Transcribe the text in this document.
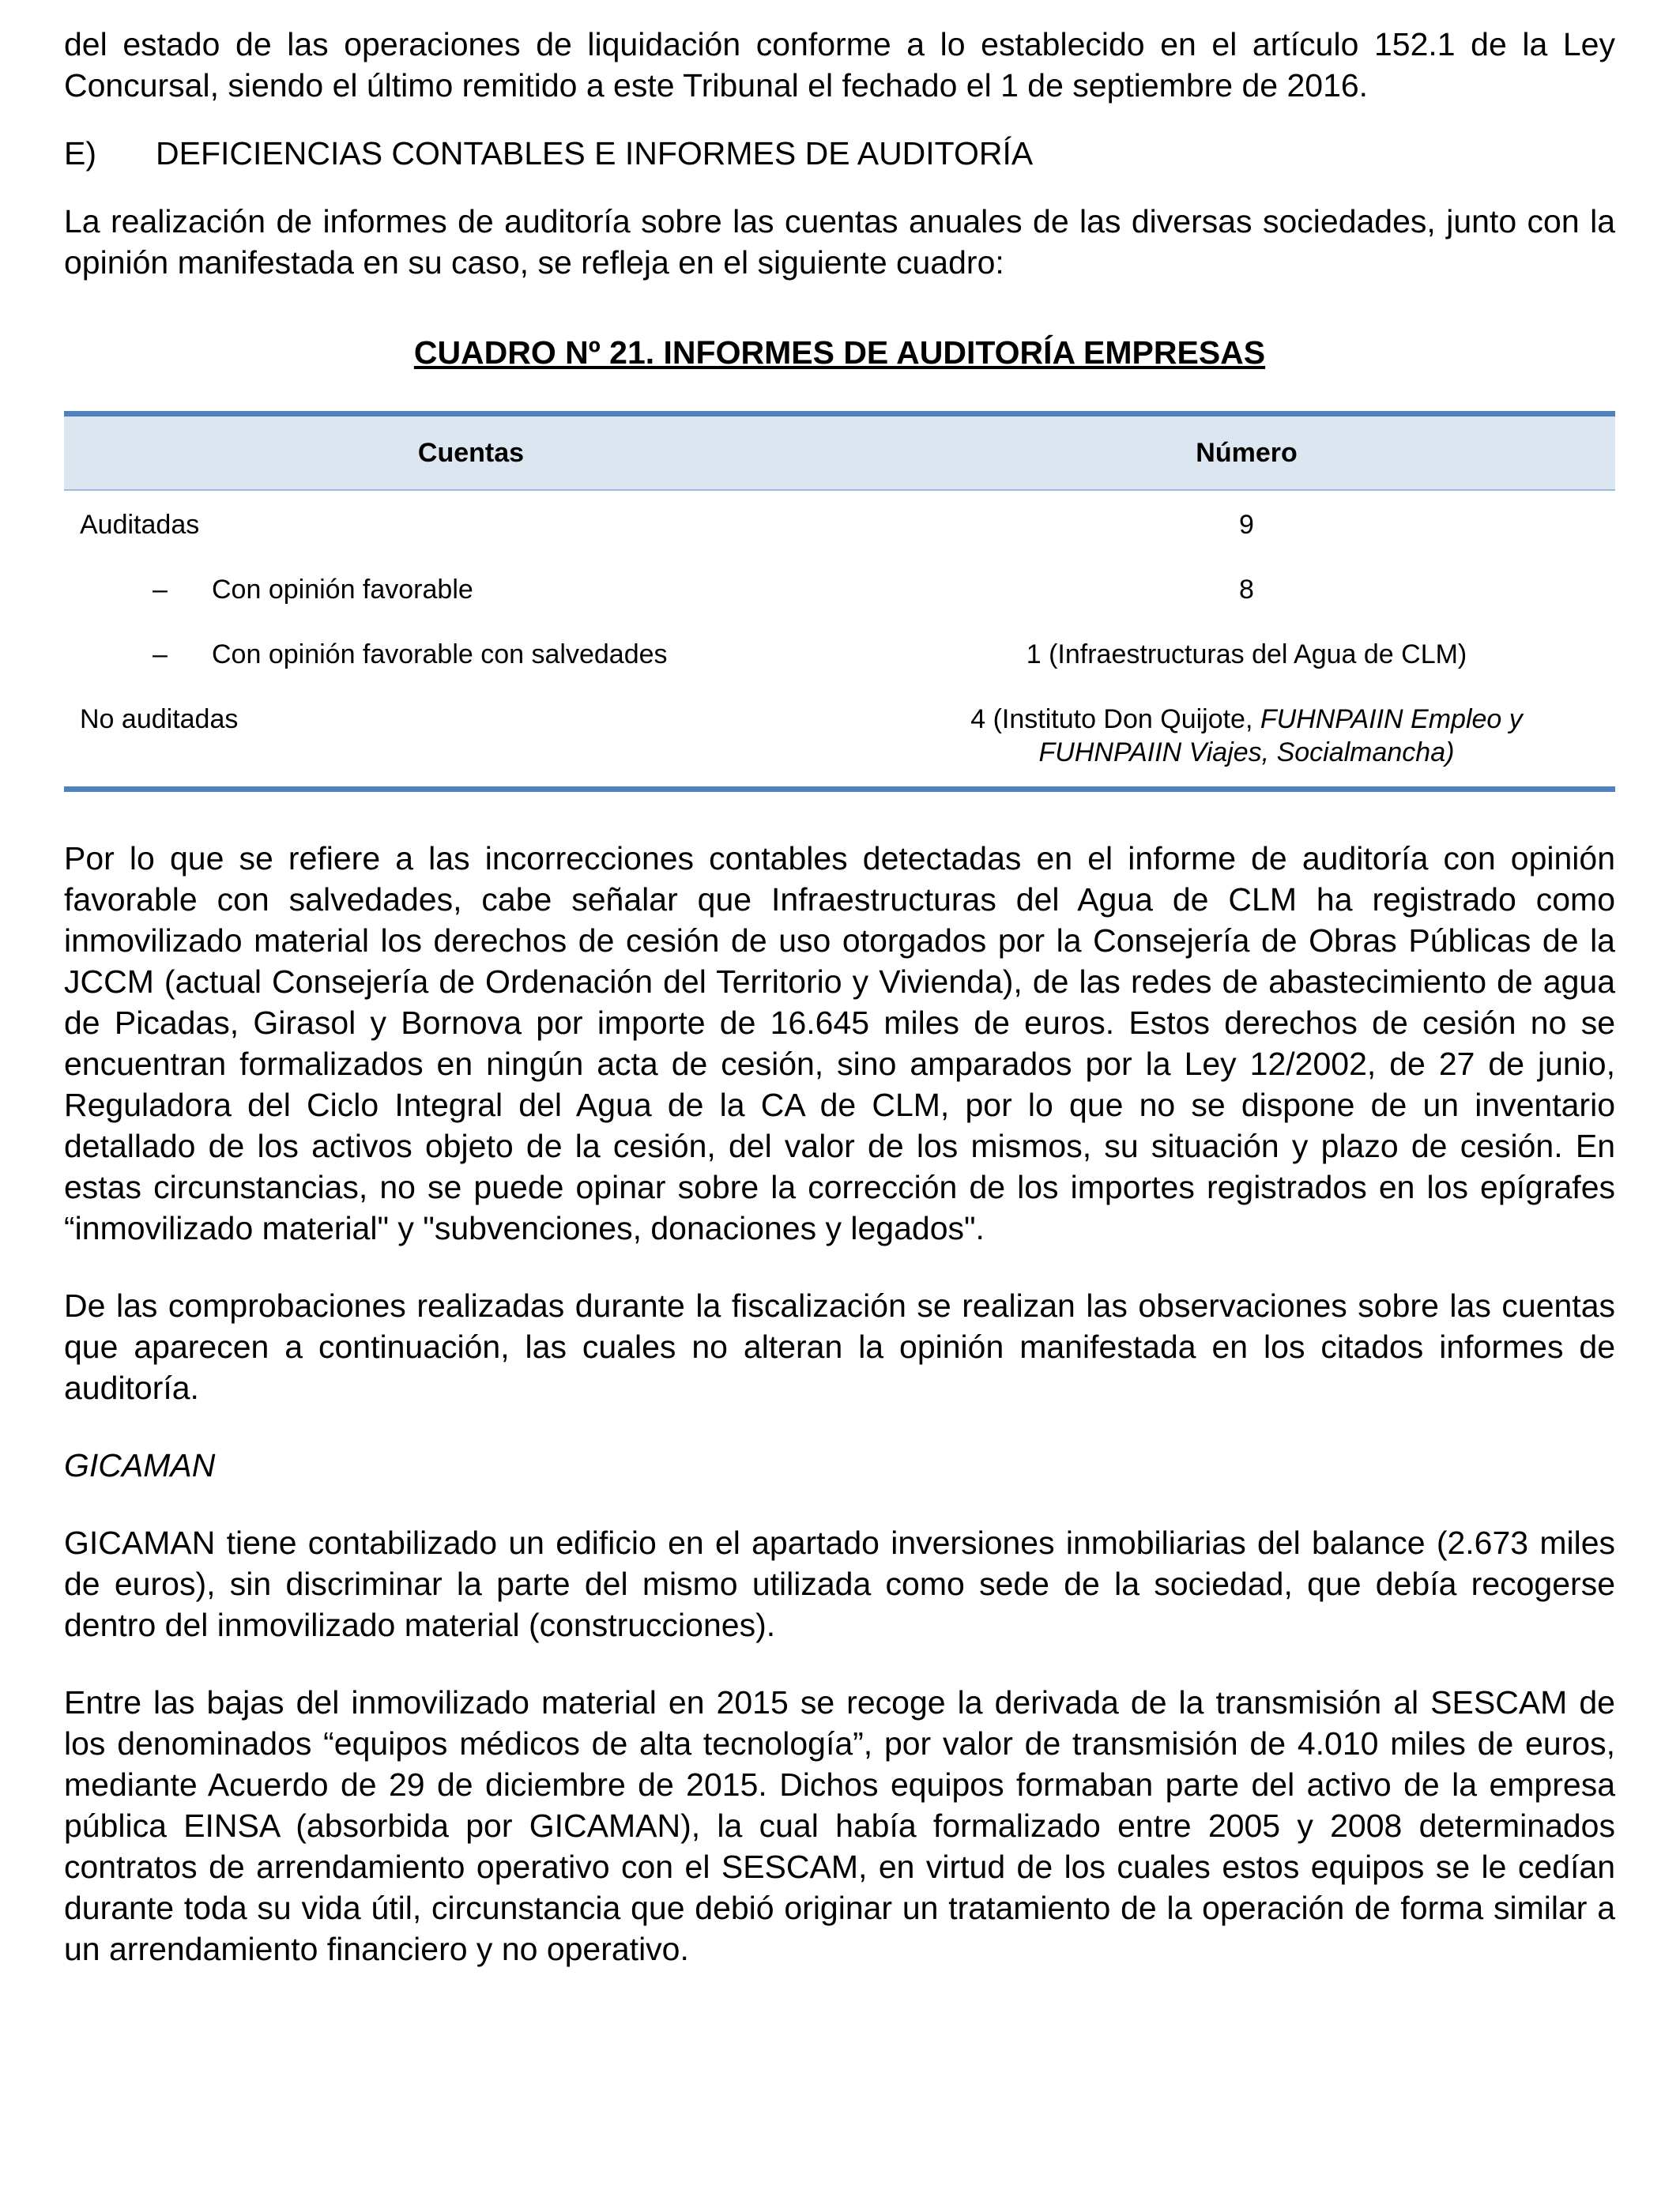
del estado de las operaciones de liquidación conforme a lo establecido en el artículo 152.1 de la Ley Concursal, siendo el último remitido a este Tribunal el fechado el 1 de septiembre de 2016.

E)	DEFICIENCIAS CONTABLES E INFORMES DE AUDITORÍA

La realización de informes de auditoría sobre las cuentas anuales de las diversas sociedades, junto con la opinión manifestada en su caso, se refleja en el siguiente cuadro:

CUADRO Nº 21. INFORMES DE AUDITORÍA EMPRESAS

Cuentas	Número
Auditadas	9

– Con opinión favorable	8

– Con opinión favorable con salvedades	1 (Infraestructuras del Agua de CLM)
No auditadas	4 (Instituto Don Quijote, FUHNPAIIN Empleo y
FUHNPAIIN Viajes, Socialmancha)

Por lo que se refiere a las incorrecciones contables detectadas en el informe de auditoría con opinión favorable con salvedades, cabe señalar que Infraestructuras del Agua de CLM ha registrado como inmovilizado material los derechos de cesión de uso otorgados por la Consejería de Obras Públicas de la JCCM (actual Consejería de Ordenación del Territorio y Vivienda), de las redes de abastecimiento de agua de Picadas, Girasol y Bornova por importe de 16.645 miles de euros. Estos derechos de cesión no se encuentran formalizados en ningún acta de cesión, sino amparados por la Ley 12/2002, de 27 de junio, Reguladora del Ciclo Integral del Agua de la CA de CLM, por lo que no se dispone de un inventario detallado de los activos objeto de la cesión, del valor de los mismos, su situación y plazo de cesión. En estas circunstancias, no se puede opinar sobre la corrección de los importes registrados en los epígrafes “inmovilizado material" y "subvenciones, donaciones y legados".

De las comprobaciones realizadas durante la fiscalización se realizan las observaciones sobre las cuentas que aparecen a continuación, las cuales no alteran la opinión manifestada en los citados informes de auditoría.

GICAMAN

GICAMAN tiene contabilizado un edificio en el apartado inversiones inmobiliarias del balance (2.673 miles de euros), sin discriminar la parte del mismo utilizada como sede de la sociedad, que debía recogerse dentro del inmovilizado material (construcciones).

Entre las bajas del inmovilizado material en 2015 se recoge la derivada de la transmisión al SESCAM de los denominados “equipos médicos de alta tecnología”, por valor de transmisión de 4.010 miles de euros, mediante Acuerdo de 29 de diciembre de 2015. Dichos equipos formaban parte del activo de la empresa pública EINSA (absorbida por GICAMAN), la cual había formalizado entre 2005 y 2008 determinados contratos de arrendamiento operativo con el SESCAM, en virtud de los cuales estos equipos se le cedían durante toda su vida útil, circunstancia que debió originar un tratamiento de la operación de forma similar a un arrendamiento financiero y no operativo.
